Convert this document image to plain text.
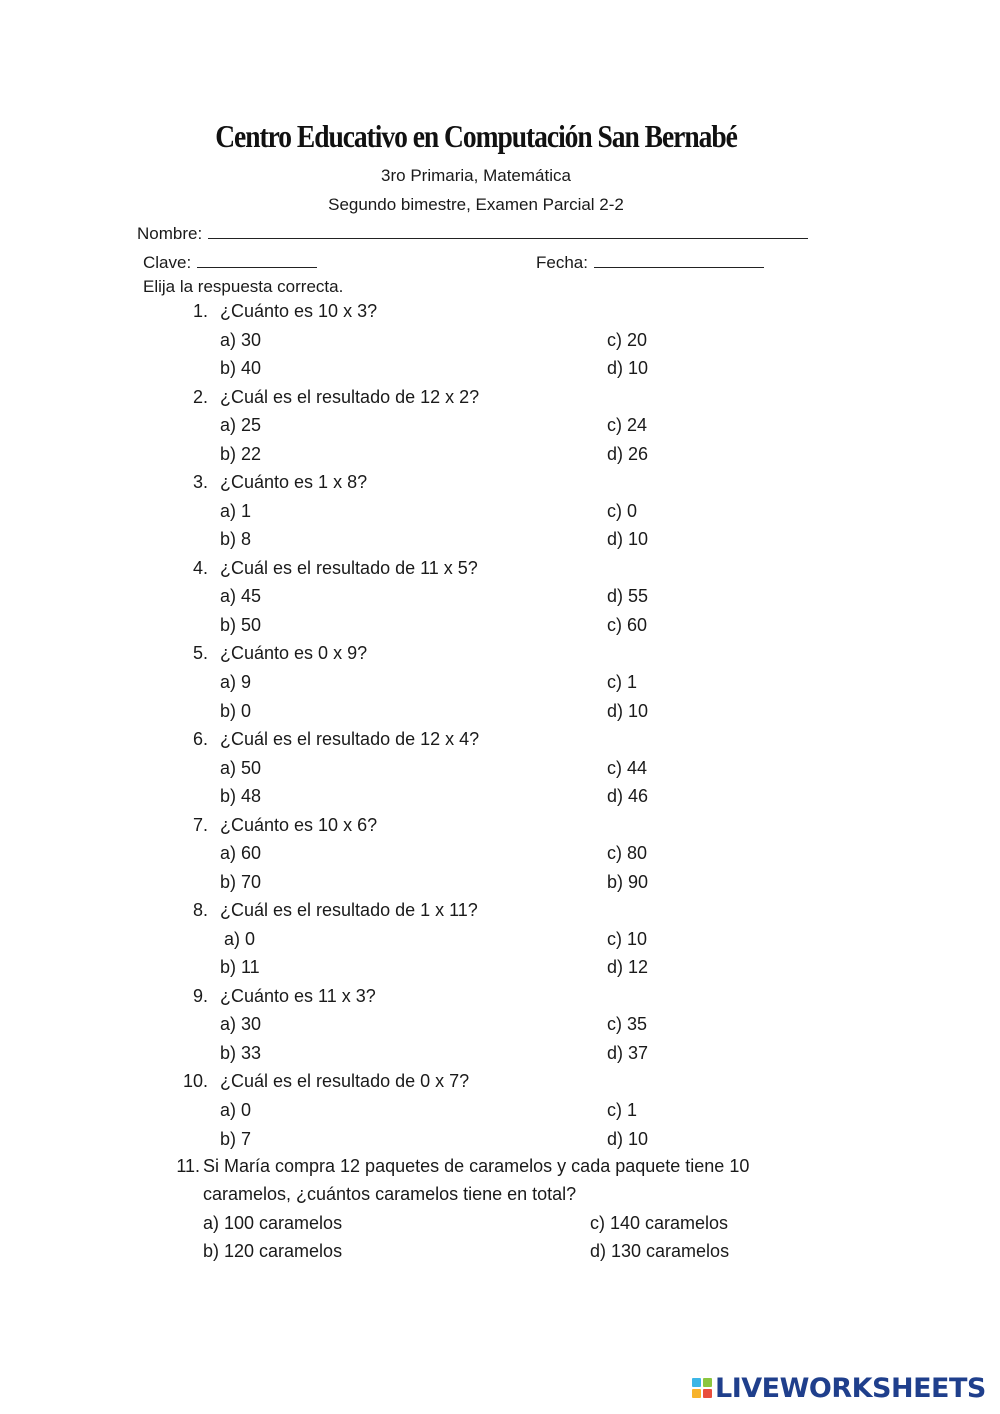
Centro Educativo en Computación San Bernabé
3ro Primaria, Matemática
Segundo bimestre, Examen Parcial 2-2
Nombre:
Clave:	Fecha:
Elija la respuesta correcta.
1. ¿Cuánto es 10 x 3?
a) 30	c) 20
b) 40	d) 10
2. ¿Cuál es el resultado de 12 x 2?
a) 25	c) 24
b) 22	d) 26
3. ¿Cuánto es 1 x 8?
a) 1	c) 0
b) 8	d) 10
4. ¿Cuál es el resultado de 11 x 5?
a) 45	d) 55
b) 50	c) 60
5. ¿Cuánto es 0 x 9?
a) 9	c) 1
b) 0	d) 10
6. ¿Cuál es el resultado de 12 x 4?
a) 50	c) 44
b) 48	d) 46
7. ¿Cuánto es 10 x 6?
a) 60	c) 80
b) 70	b) 90
8. ¿Cuál es el resultado de 1 x 11?
a) 0	c) 10
b) 11	d) 12
9. ¿Cuánto es 11 x 3?
a) 30	c) 35
b) 33	d) 37
10. ¿Cuál es el resultado de 0 x 7?
a) 0	c) 1
b) 7	d) 10
11. Si María compra 12 paquetes de caramelos y cada paquete tiene 10
caramelos, ¿cuántos caramelos tiene en total?
a) 100 caramelos	c) 140 caramelos
b) 120 caramelos	d) 130 caramelos
LIVEWORKSHEETS
